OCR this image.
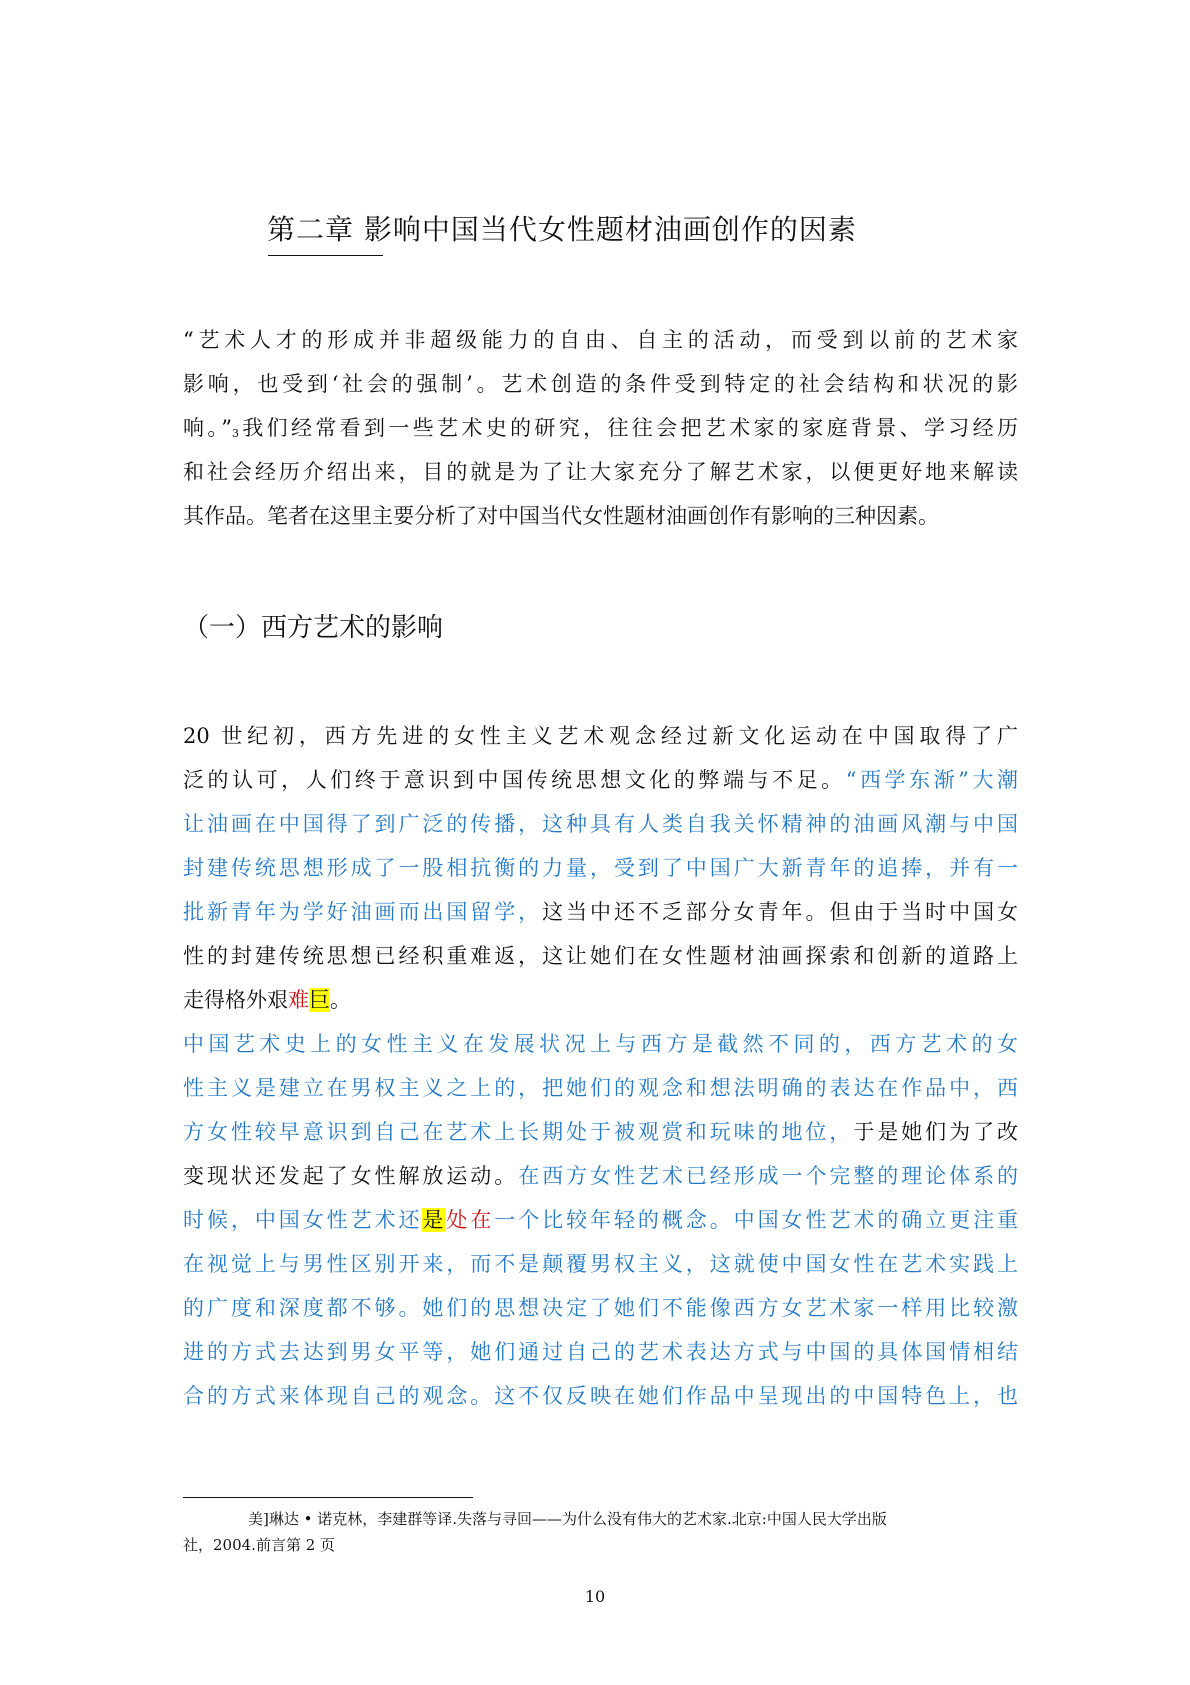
第二章 影响中国当代女性题材油画创作的因素
“艺术人才的形成并非超级能力的自由、自主的活动，而受到以前的艺术家
影响，也受到‘社会的强制’。艺术创造的条件受到特定的社会结构和状况的影
响。”3我们经常看到一些艺术史的研究，往往会把艺术家的家庭背景、学习经历
和社会经历介绍出来，目的就是为了让大家充分了解艺术家，以便更好地来解读
其作品。笔者在这里主要分析了对中国当代女性题材油画创作有影响的三种因素。
（一）西方艺术的影响
20 世纪初，西方先进的女性主义艺术观念经过新文化运动在中国取得了广
泛的认可，人们终于意识到中国传统思想文化的弊端与不足。“西学东渐”大潮
让油画在中国得了到广泛的传播，这种具有人类自我关怀精神的油画风潮与中国
封建传统思想形成了一股相抗衡的力量，受到了中国广大新青年的追捧，并有一
批新青年为学好油画而出国留学，这当中还不乏部分女青年。但由于当时中国女
性的封建传统思想已经积重难返，这让她们在女性题材油画探索和创新的道路上
走得格外艰难巨。
中国艺术史上的女性主义在发展状况上与西方是截然不同的，西方艺术的女
性主义是建立在男权主义之上的，把她们的观念和想法明确的表达在作品中，西
方女性较早意识到自己在艺术上长期处于被观赏和玩味的地位，于是她们为了改
变现状还发起了女性解放运动。在西方女性艺术已经形成一个完整的理论体系的
时候，中国女性艺术还是处在一个比较年轻的概念。中国女性艺术的确立更注重
在视觉上与男性区别开来，而不是颠覆男权主义，这就使中国女性在艺术实践上
的广度和深度都不够。她们的思想决定了她们不能像西方女艺术家一样用比较激
进的方式去达到男女平等，她们通过自己的艺术表达方式与中国的具体国情相结
合的方式来体现自己的观念。这不仅反映在她们作品中呈现出的中国特色上，也
美]琳达 • 诺克林，李建群等译.失落与寻回——为什么没有伟大的艺术家.北京:中国人民大学出版
社，2004.前言第 2 页
10
